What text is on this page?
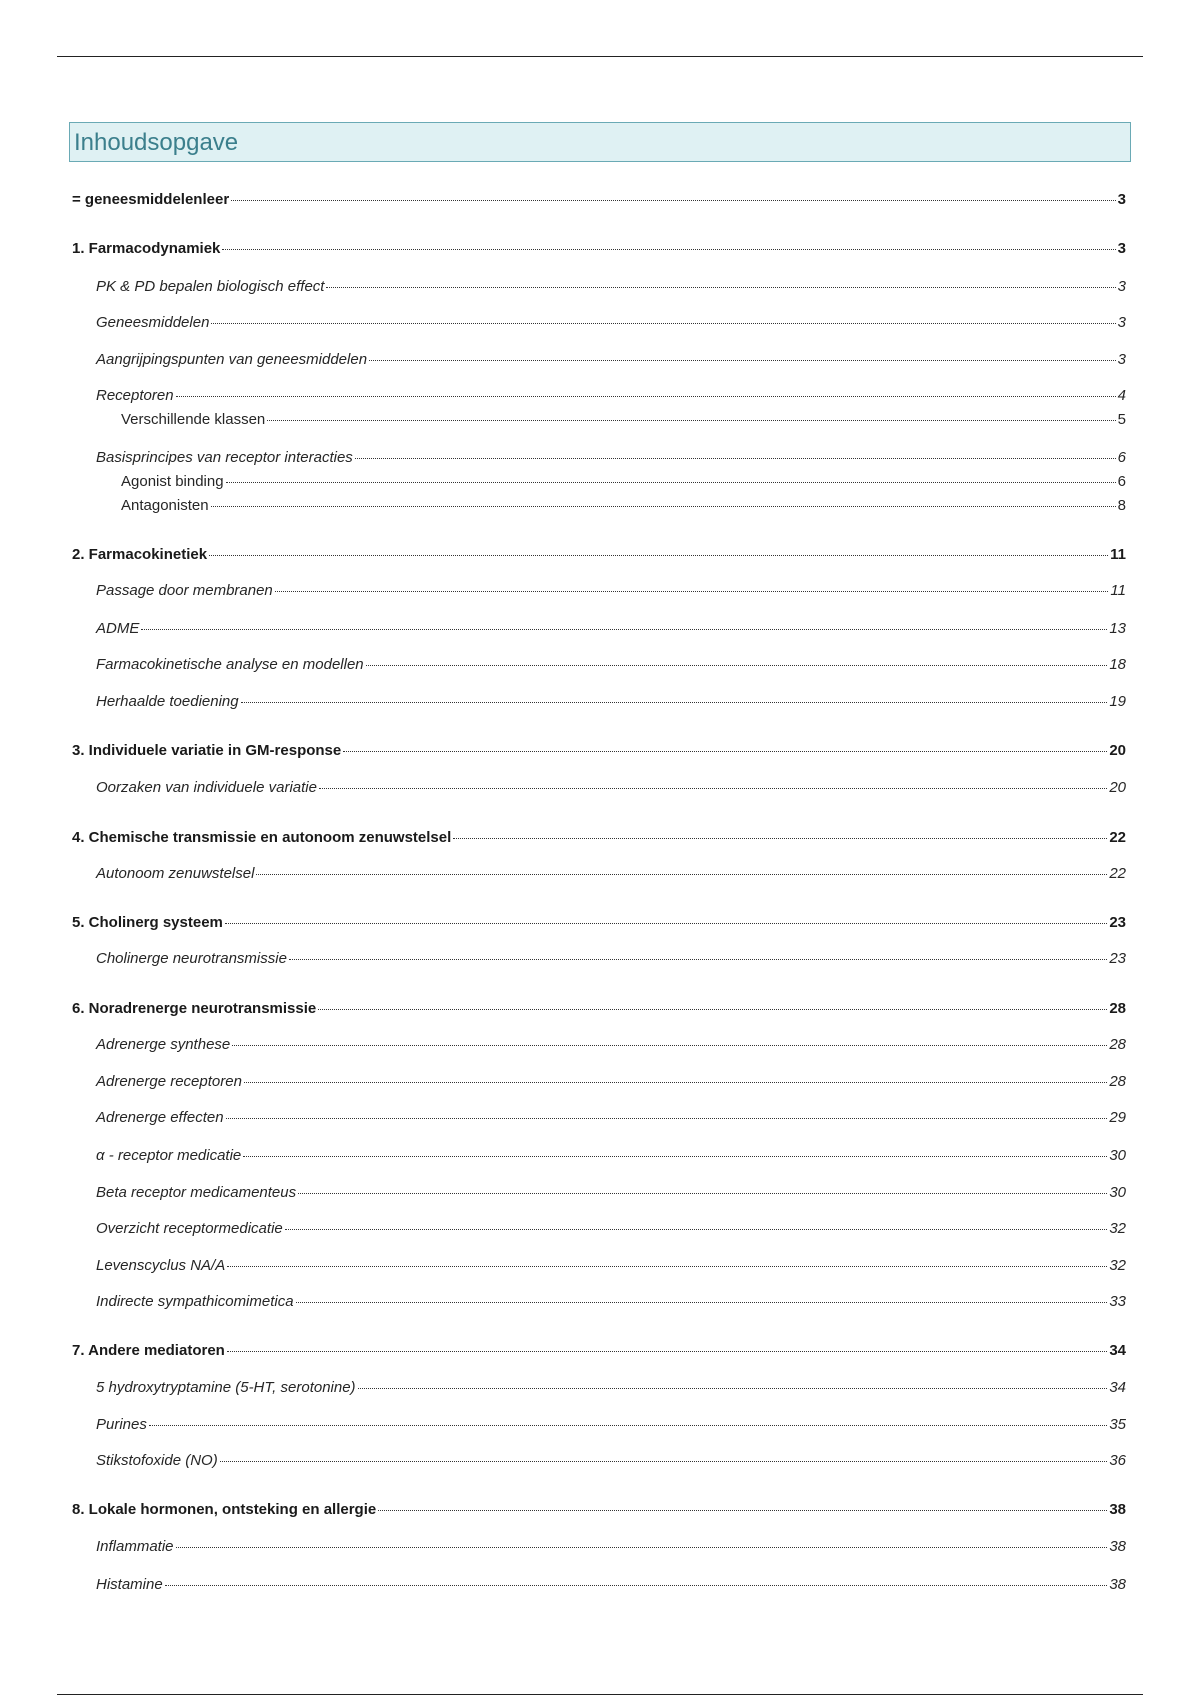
Inhoudsopgave
= geneesmiddelenleer	3
1. Farmacodynamiek	3
PK & PD bepalen biologisch effect	3
Geneesmiddelen	3
Aangrijpingspunten van geneesmiddelen	3
Receptoren	4
Verschillende klassen	5
Basisprincipes van receptor interacties	6
Agonist binding	6
Antagonisten	8
2. Farmacokinetiek	11
Passage door membranen	11
ADME	13
Farmacokinetische analyse en modellen	18
Herhaalde toediening	19
3. Individuele variatie in GM-response	20
Oorzaken van individuele variatie	20
4. Chemische transmissie en autonoom zenuwstelsel	22
Autonoom zenuwstelsel	22
5. Cholinerg systeem	23
Cholinerge neurotransmissie	23
6. Noradrenerge neurotransmissie	28
Adrenerge synthese	28
Adrenerge receptoren	28
Adrenerge effecten	29
α - receptor medicatie	30
Beta receptor medicamenteus	30
Overzicht receptormedicatie	32
Levenscyclus NA/A	32
Indirecte sympathicomimetica	33
7. Andere mediatoren	34
5 hydroxytryptamine (5-HT, serotonine)	34
Purines	35
Stikstofoxide (NO)	36
8. Lokale hormonen, ontsteking en allergie	38
Inflammatie	38
Histamine	38
